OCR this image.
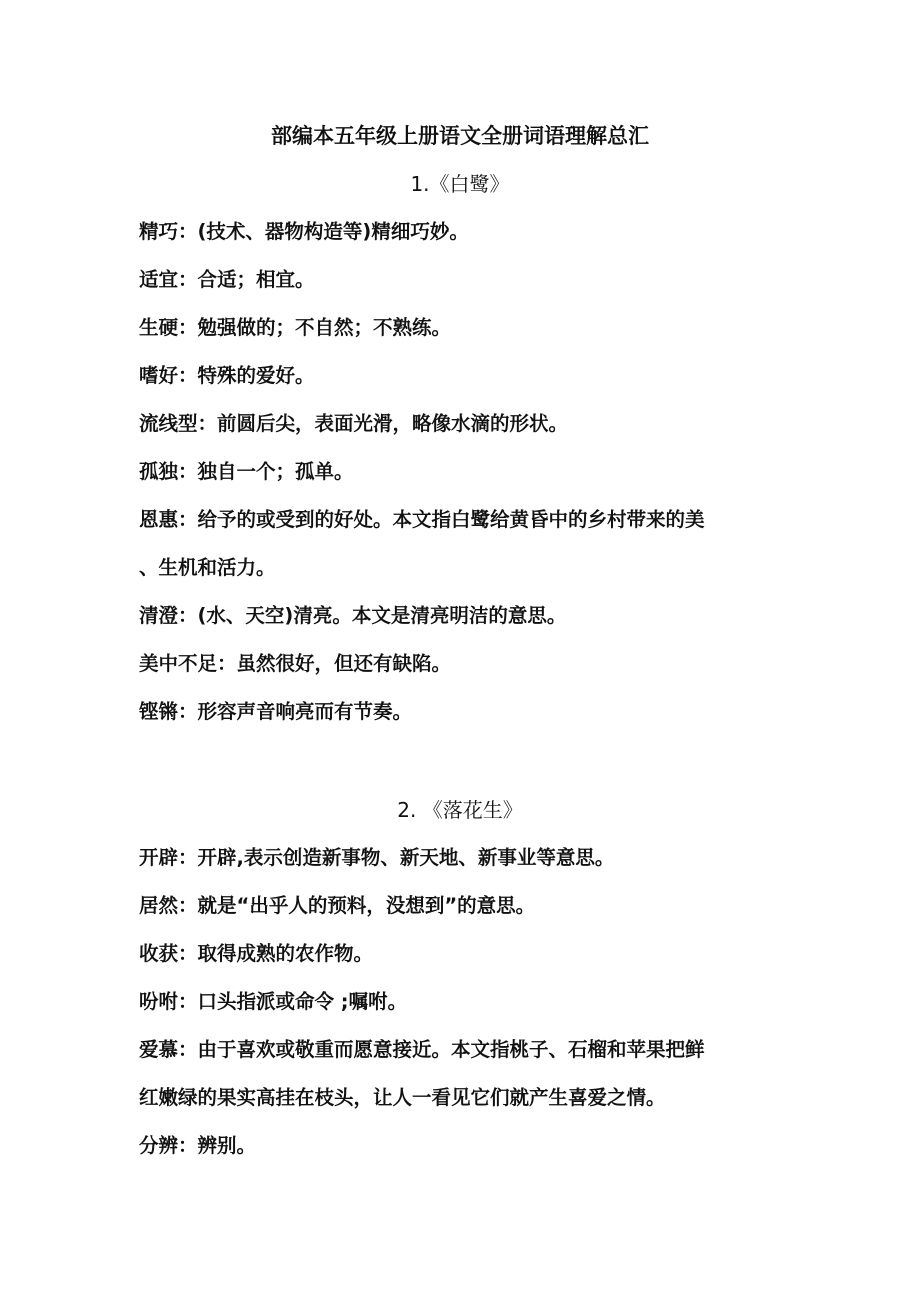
部编本五年级上册语文全册词语理解总汇
1.《白鹭》
精巧：(技术、器物构造等)精细巧妙。
适宜：合适；相宜。
生硬：勉强做的；不自然；不熟练。
嗜好：特殊的爱好。
流线型：前圆后尖，表面光滑，略像水滴的形状。
孤独：独自一个；孤单。
恩惠：给予的或受到的好处。本文指白鹭给黄昏中的乡村带来的美
、生机和活力。
清澄：(水、天空)清亮。本文是清亮明洁的意思。
美中不足：虽然很好，但还有缺陷。
铿锵：形容声音响亮而有节奏。
2. 《落花生》
开辟：开辟,表示创造新事物、新天地、新事业等意思。
居然：就是“出乎人的预料，没想到”的意思。
收获：取得成熟的农作物。
吩咐：口头指派或命令 ;嘱咐。
爱慕：由于喜欢或敬重而愿意接近。本文指桃子、石榴和苹果把鲜
红嫩绿的果实高挂在枝头，让人一看见它们就产生喜爱之情。
分辨：辨别。
